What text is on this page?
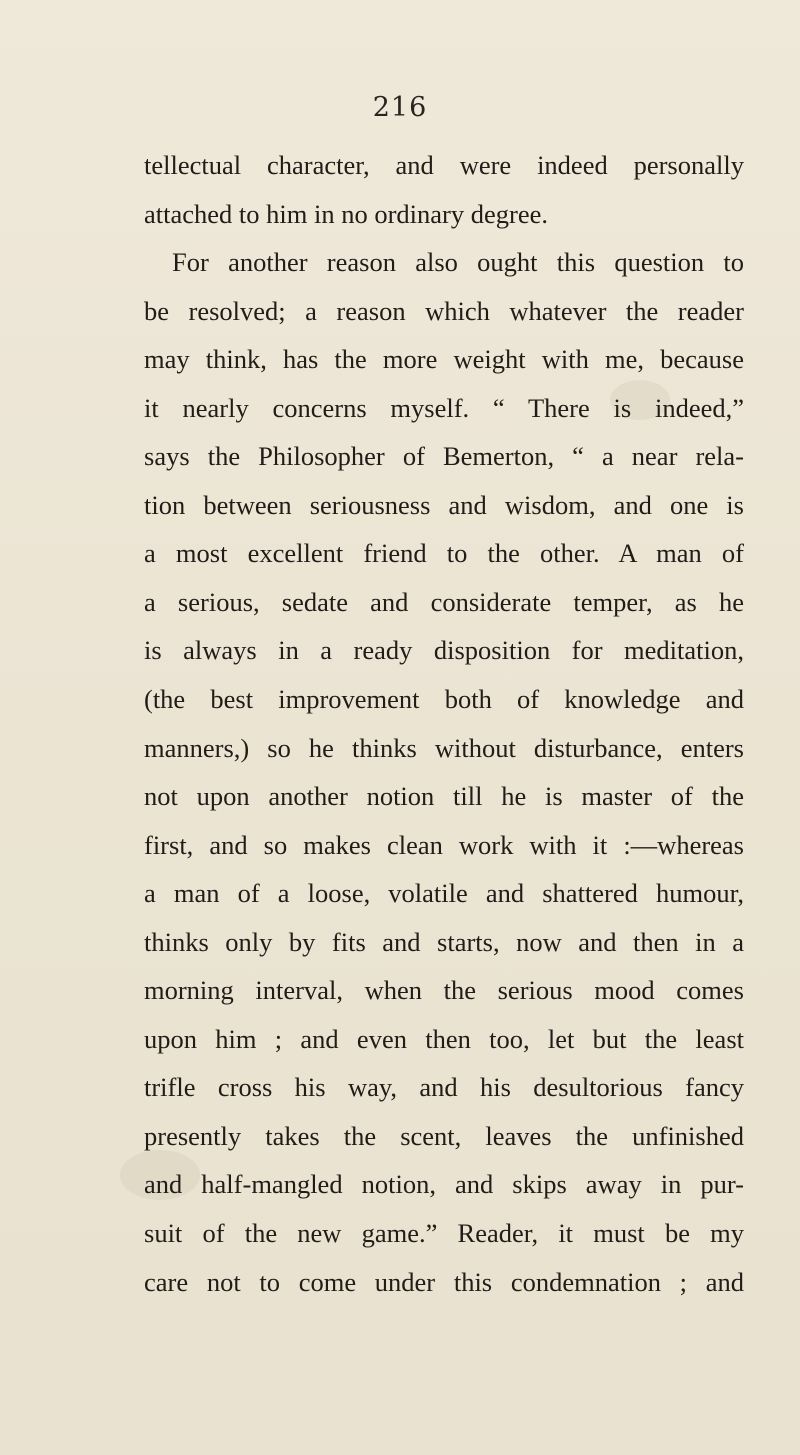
216
tellectual character, and were indeed personally
attached to him in no ordinary degree.
For another reason also ought this question to
be resolved; a reason which whatever the reader
may think, has the more weight with me, because
it nearly concerns myself. “ There is indeed,”
says the Philosopher of Bemerton, “ a near rela-
tion between seriousness and wisdom, and one is
a most excellent friend to the other. A man of
a serious, sedate and considerate temper, as he
is always in a ready disposition for meditation,
(the best improvement both of knowledge and
manners,) so he thinks without disturbance, enters
not upon another notion till he is master of the
first, and so makes clean work with it :—whereas
a man of a loose, volatile and shattered humour,
thinks only by fits and starts, now and then in a
morning interval, when the serious mood comes
upon him ; and even then too, let but the least
trifle cross his way, and his desultorious fancy
presently takes the scent, leaves the unfinished
and half-mangled notion, and skips away in pur-
suit of the new game.” Reader, it must be my
care not to come under this condemnation ; and
